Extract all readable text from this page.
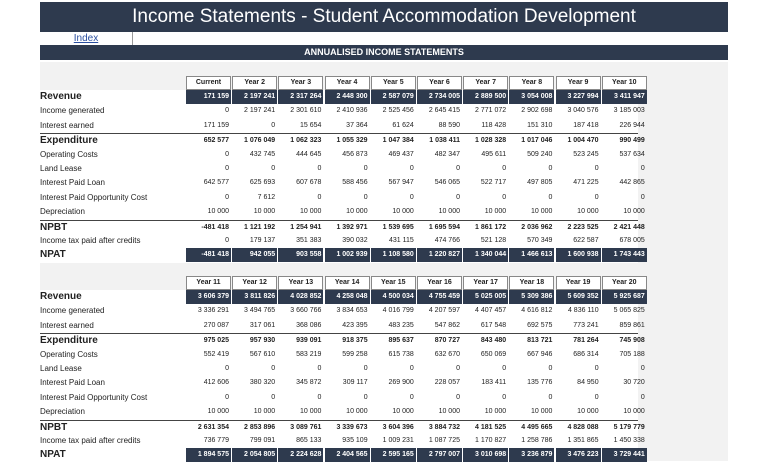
Income Statements - Student Accommodation Development
Index
ANNUALISED INCOME STATEMENTS
Current	Year 2	Year 3	Year 4	Year 5	Year 6	Year 7	Year 8	Year 9	Year 10
Revenue	171 159	2 197 241	2 317 264	2 448 300	2 587 079	2 734 005	2 889 500	3 054 008	3 227 994	3 411 947
Income generated	0	2 197 241	2 301 610	2 410 936	2 525 456	2 645 415	2 771 072	2 902 698	3 040 576	3 185 003
Interest earned	171 159	0	15 654	37 364	61 624	88 590	118 428	151 310	187 418	226 944
Expenditure	652 577	1 076 049	1 062 323	1 055 329	1 047 384	1 038 411	1 028 328	1 017 046	1 004 470	990 499
Operating Costs	0	432 745	444 645	456 873	469 437	482 347	495 611	509 240	523 245	537 634
Land Lease	0	0	0	0	0	0	0	0	0	0
Interest Paid Loan	642 577	625 693	607 678	588 456	567 947	546 065	522 717	497 805	471 225	442 865
Interest Paid Opportunity Cost	0	7 612	0	0	0	0	0	0	0	0
Depreciation	10 000	10 000	10 000	10 000	10 000	10 000	10 000	10 000	10 000	10 000
NPBT	-481 418	1 121 192	1 254 941	1 392 971	1 539 695	1 695 594	1 861 172	2 036 962	2 223 525	2 421 448
Income tax paid after credits	0	179 137	351 383	390 032	431 115	474 766	521 128	570 349	622 587	678 005
NPAT	-481 418	942 055	903 558	1 002 939	1 108 580	1 220 827	1 340 044	1 466 613	1 600 938	1 743 443
Year 11	Year 12	Year 13	Year 14	Year 15	Year 16	Year 17	Year 18	Year 19	Year 20
Revenue	3 606 379	3 811 826	4 028 852	4 258 048	4 500 034	4 755 459	5 025 005	5 309 386	5 609 352	5 925 687
Income generated	3 336 291	3 494 765	3 660 766	3 834 653	4 016 799	4 207 597	4 407 457	4 616 812	4 836 110	5 065 825
Interest earned	270 087	317 061	368 086	423 395	483 235	547 862	617 548	692 575	773 241	859 861
Expenditure	975 025	957 930	939 091	918 375	895 637	870 727	843 480	813 721	781 264	745 908
Operating Costs	552 419	567 610	583 219	599 258	615 738	632 670	650 069	667 946	686 314	705 188
Land Lease	0	0	0	0	0	0	0	0	0	0
Interest Paid Loan	412 606	380 320	345 872	309 117	269 900	228 057	183 411	135 776	84 950	30 720
Interest Paid Opportunity Cost	0	0	0	0	0	0	0	0	0	0
Depreciation	10 000	10 000	10 000	10 000	10 000	10 000	10 000	10 000	10 000	10 000
NPBT	2 631 354	2 853 896	3 089 761	3 339 673	3 604 396	3 884 732	4 181 525	4 495 665	4 828 088	5 179 779
Income tax paid after credits	736 779	799 091	865 133	935 109	1 009 231	1 087 725	1 170 827	1 258 786	1 351 865	1 450 338
NPAT	1 894 575	2 054 805	2 224 628	2 404 565	2 595 165	2 797 007	3 010 698	3 236 879	3 476 223	3 729 441
